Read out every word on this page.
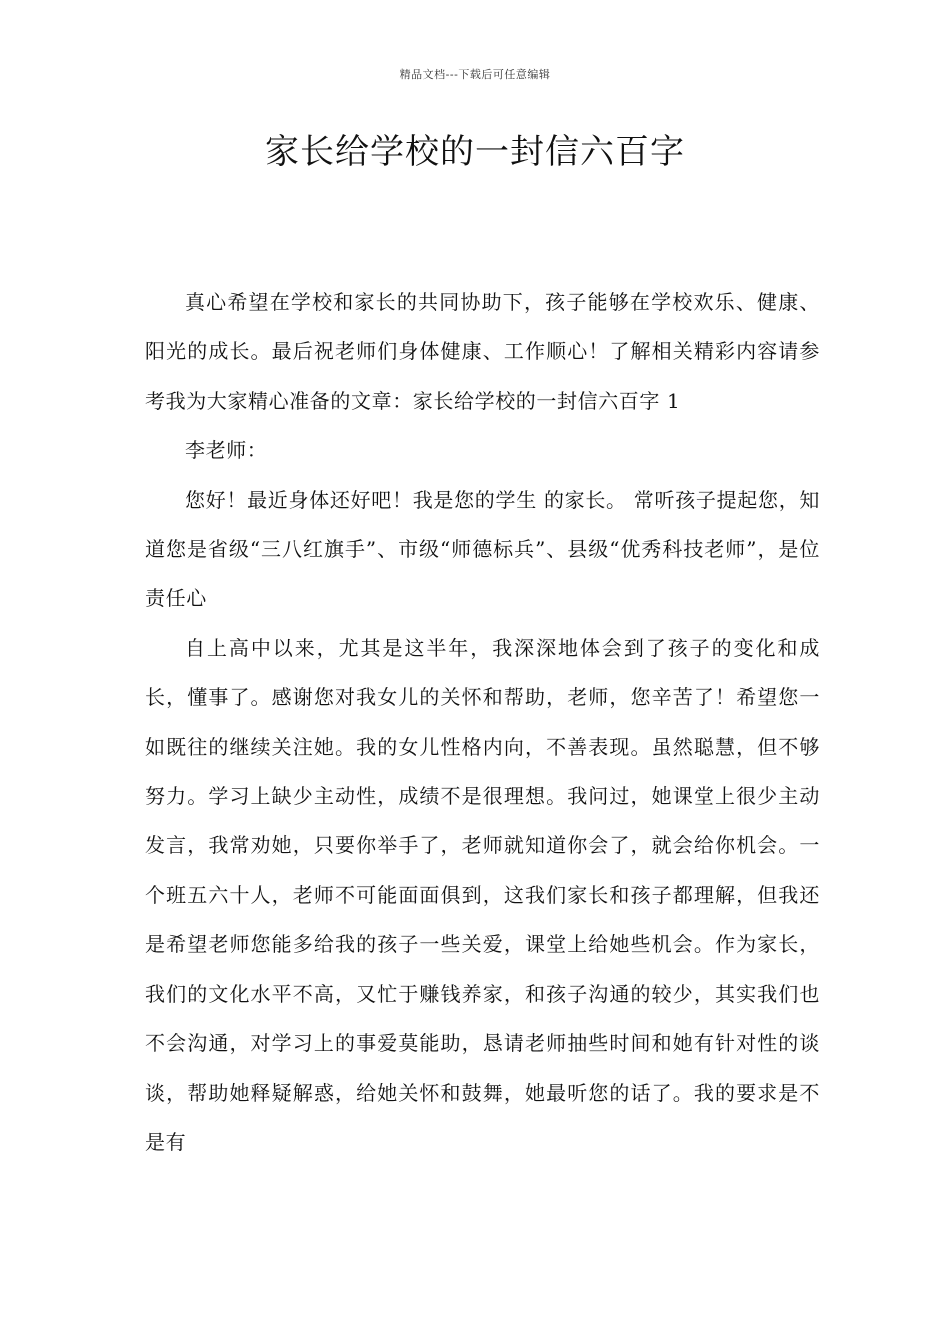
精品文档---下载后可任意编辑
家长给学校的一封信六百字

真心希望在学校和家长的共同协助下，孩子能够在学校欢乐、健康、阳光的成长。最后祝老师们身体健康、工作顺心！了解相关精彩内容请参考我为大家精心准备的文章：家长给学校的一封信六百字 1

李老师：

您好！最近身体还好吧！我是您的学生 的家长。 常听孩子提起您，知道您是省级“三八红旗手”、市级“师德标兵”、县级“优秀科技老师”，是位责任心

自上高中以来，尤其是这半年，我深深地体会到了孩子的变化和成长，懂事了。感谢您对我女儿的关怀和帮助，老师，您辛苦了！希望您一如既往的继续关注她。我的女儿性格内向，不善表现。虽然聪慧，但不够努力。学习上缺少主动性，成绩不是很理想。我问过，她课堂上很少主动发言，我常劝她，只要你举手了，老师就知道你会了，就会给你机会。一个班五六十人，老师不可能面面俱到，这我们家长和孩子都理解，但我还是希望老师您能多给我的孩子一些关爱，课堂上给她些机会。作为家长，我们的文化水平不高，又忙于赚钱养家，和孩子沟通的较少，其实我们也不会沟通，对学习上的事爱莫能助，恳请老师抽些时间和她有针对性的谈谈，帮助她释疑解惑，给她关怀和鼓舞，她最听您的话了。我的要求是不是有
